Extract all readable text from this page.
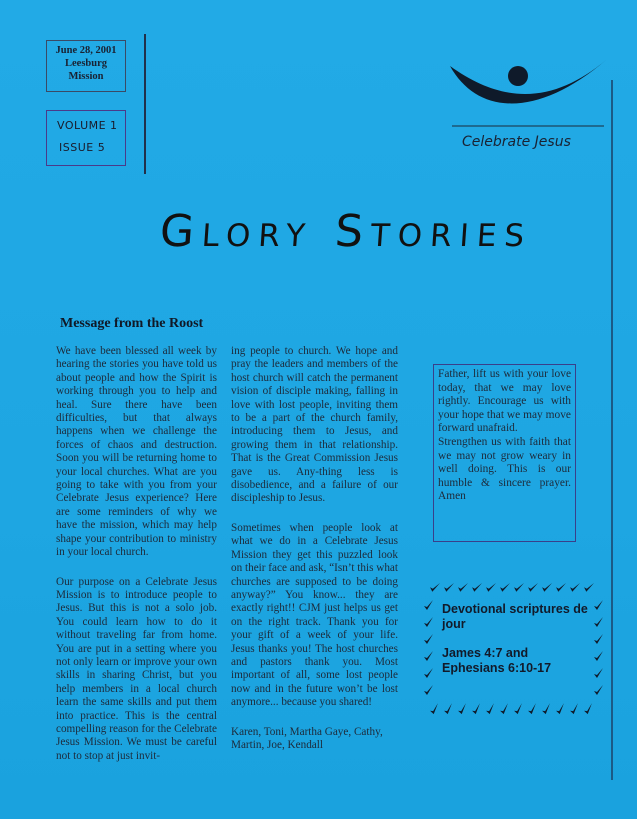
June 28, 2001
Leesburg
Mission
VOLUME 1
ISSUE 5	Celebrate Jesus
Glory Stories
Message from the Roost

We have been blessed all week by hearing the stories you have told us about people and how the Spirit is working through you to help and heal. Sure there have been difficulties, but that always happens when we challenge the forces of chaos and destruction. Soon you will be returning home to your local churches. What are you going to take with you from your Celebrate Jesus experience? Here are some reminders of why we have the mission, which may help shape your contribution to ministry in your local church.

Our purpose on a Celebrate Jesus Mission is to introduce people to Jesus. But this is not a solo job. You could learn how to do it without traveling far from home. You are put in a setting where you not only learn or improve your own skills in sharing Christ, but you help members in a local church learn the same skills and put them into practice. This is the central compelling reason for the Celebrate Jesus Mission. We must be careful not to stop at just invit-

ing people to church. We hope and pray the leaders and members of the host church will catch the permanent vision of disciple making, falling in love with lost people, inviting them to be a part of the church family, introducing them to Jesus, and growing them in that relationship. That is the Great Commission Jesus gave us. Any-thing less is disobedience, and a failure of our discipleship to Jesus.

Sometimes when people look at what we do in a Celebrate Jesus Mission they get this puzzled look on their face and ask, “Isn’t this what churches are supposed to be doing anyway?” You know... they are exactly right!! CJM just helps us get on the right track. Thank you for your gift of a week of your life. Jesus thanks you! The host churches and pastors thank you. Most important of all, some lost people now and in the future won’t be lost anymore... because you shared!

Karen, Toni, Martha Gaye, Cathy, Martin, Joe, Kendall

Father, lift us with your love today, that we may love rightly. Encourage us with your hope that we may move forward unafraid.

Strengthen us with faith that we may not grow weary in well doing. This is our humble & sincere prayer. Amen

Devotional scriptures de jour
James 4:7 and
Ephesians 6:10-17
